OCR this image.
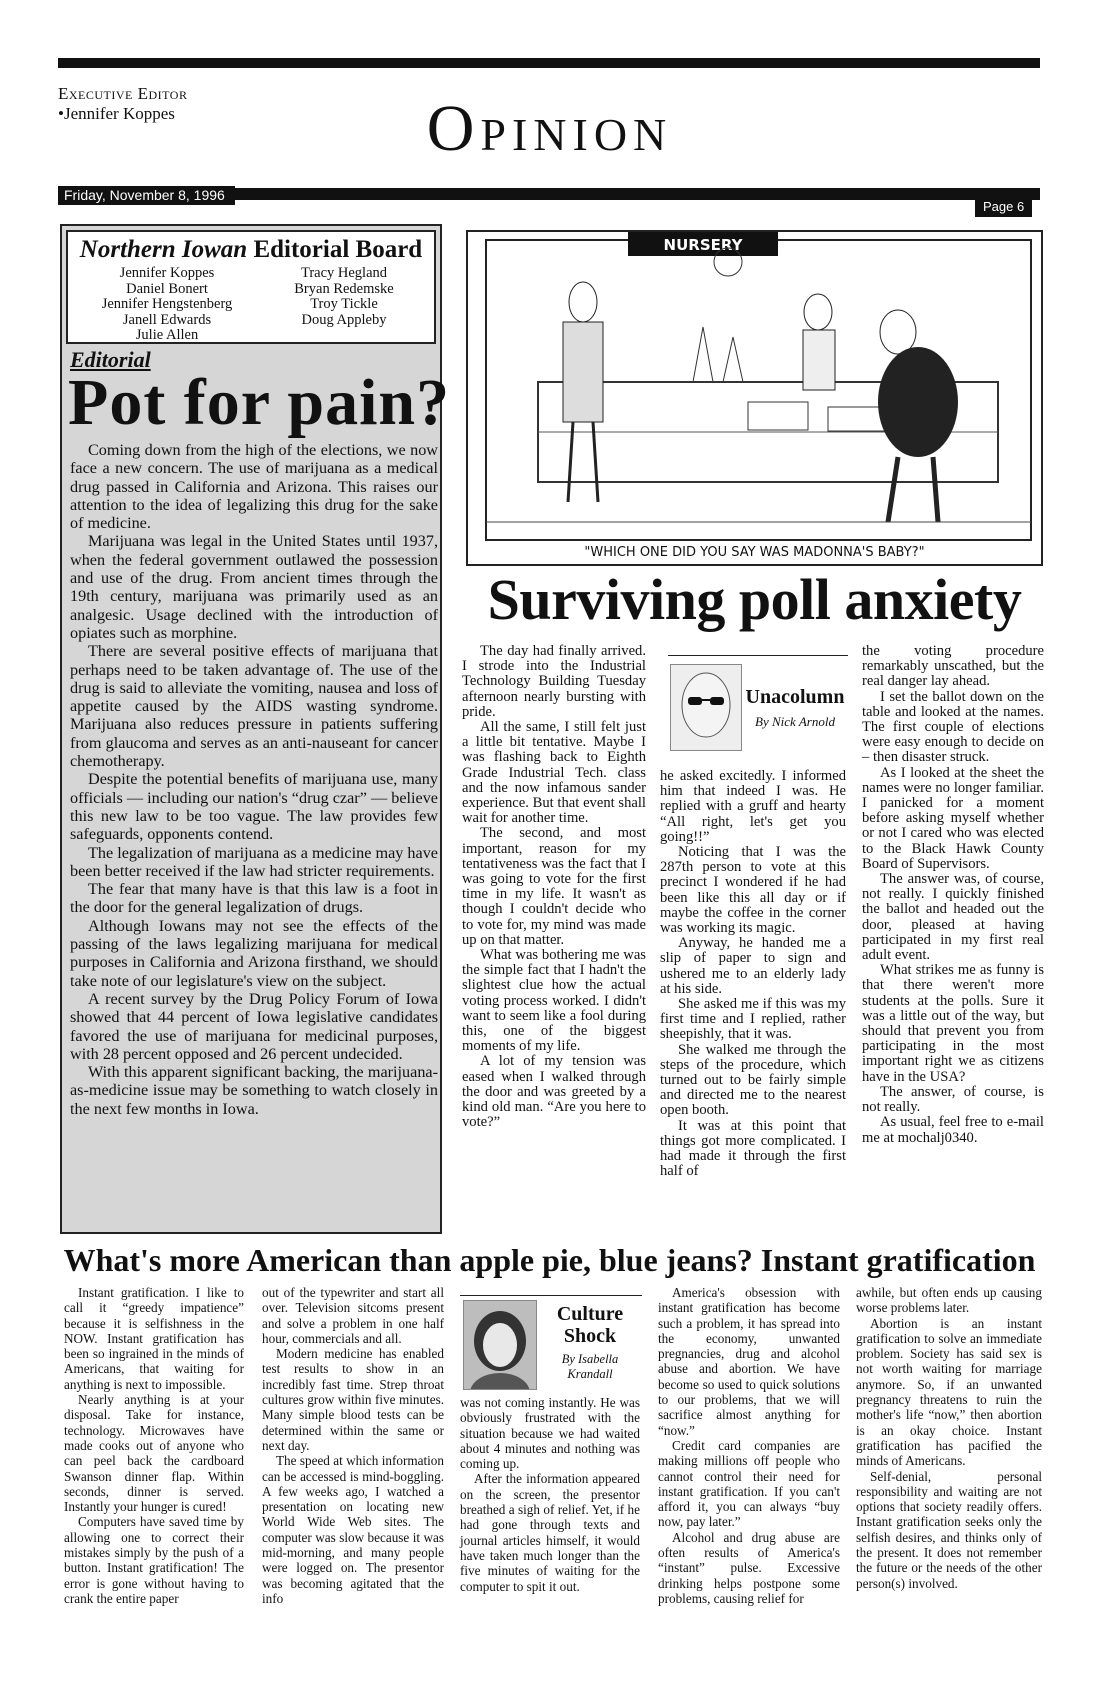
Executive Editor
•Jennifer Koppes	Opinion
Friday, November 8, 1996
Page 6
Northern Iowan Editorial Board
Jennifer Koppes
Daniel Bonert
Jennifer Hengstenberg
Janell Edwards
Julie Allen
Tracy Hegland
Bryan Redemske
Troy Tickle
Doug Appleby
Editorial
Pot for pain?

Coming down from the high of the elections, we now face a new concern. The use of marijuana as a medical drug passed in California and Arizona. This raises our attention to the idea of legalizing this drug for the sake of medicine.

Marijuana was legal in the United States until 1937, when the federal government outlawed the possession and use of the drug. From ancient times through the 19th century, marijuana was primarily used as an analgesic. Usage declined with the introduction of opiates such as morphine.

There are several positive effects of marijuana that perhaps need to be taken advantage of. The use of the drug is said to alleviate the vomiting, nausea and loss of appetite caused by the AIDS wasting syndrome. Marijuana also reduces pressure in patients suffering from glaucoma and serves as an anti-nauseant for cancer chemotherapy.

Despite the potential benefits of marijuana use, many officials — including our nation's “drug czar” — believe this new law to be too vague. The law provides few safeguards, opponents contend.

The legalization of marijuana as a medicine may have been better received if the law had stricter requirements.

The fear that many have is that this law is a foot in the door for the general legalization of drugs.

Although Iowans may not see the effects of the passing of the laws legalizing marijuana for medical purposes in California and Arizona firsthand, we should take note of our legislature's view on the subject.

A recent survey by the Drug Policy Forum of Iowa showed that 44 percent of Iowa legislative candidates favored the use of marijuana for medicinal purposes, with 28 percent opposed and 26 percent undecided.

With this apparent significant backing, the marijuana-as-medicine issue may be something to watch closely in the next few months in Iowa.

NURSERY
"WHICH ONE DID YOU SAY WAS MADONNA'S BABY?"
Surviving poll anxiety

The day had finally arrived. I strode into the Industrial Technology Building Tuesday afternoon nearly bursting with pride.

All the same, I still felt just a little bit tentative. Maybe I was flashing back to Eighth Grade Industrial Tech. class and the now infamous sander experience. But that event shall wait for another time.

The second, and most important, reason for my tentativeness was the fact that I was going to vote for the first time in my life. It wasn't as though I couldn't decide who to vote for, my mind was made up on that matter.

What was bothering me was the simple fact that I hadn't the slightest clue how the actual voting process worked. I didn't want to seem like a fool during this, one of the biggest moments of my life.

A lot of my tension was eased when I walked through the door and was greeted by a kind old man. “Are you here to vote?”

Unacolumn
By Nick Arnold

he asked excitedly. I informed him that indeed I was. He replied with a gruff and hearty “All right, let's get you going!!”

Noticing that I was the 287th person to vote at this precinct I wondered if he had been like this all day or if maybe the coffee in the corner was working its magic.

Anyway, he handed me a slip of paper to sign and ushered me to an elderly lady at his side.

She asked me if this was my first time and I replied, rather sheepishly, that it was.

She walked me through the steps of the procedure, which turned out to be fairly simple and directed me to the nearest open booth.

It was at this point that things got more complicated. I had made it through the first half of

the voting procedure remarkably unscathed, but the real danger lay ahead.

I set the ballot down on the table and looked at the names. The first couple of elections were easy enough to decide on – then disaster struck.

As I looked at the sheet the names were no longer familiar. I panicked for a moment before asking myself whether or not I cared who was elected to the Black Hawk County Board of Supervisors.

The answer was, of course, not really. I quickly finished the ballot and headed out the door, pleased at having participated in my first real adult event.

What strikes me as funny is that there weren't more students at the polls. Sure it was a little out of the way, but should that prevent you from participating in the most important right we as citizens have in the USA?

The answer, of course, is not really.

As usual, feel free to e-mail me at mochalj0340.

What's more American than apple pie, blue jeans? Instant gratification

Instant gratification. I like to call it “greedy impatience” because it is selfishness in the NOW. Instant gratification has been so ingrained in the minds of Americans, that waiting for anything is next to impossible.

Nearly anything is at your disposal. Take for instance, technology. Microwaves have made cooks out of anyone who can peel back the cardboard Swanson dinner flap. Within seconds, dinner is served. Instantly your hunger is cured!

Computers have saved time by allowing one to correct their mistakes simply by the push of a button. Instant gratification! The error is gone without having to crank the entire paper

out of the typewriter and start all over. Television sitcoms present and solve a problem in one half hour, commercials and all.

Modern medicine has enabled test results to show in an incredibly fast time. Strep throat cultures grow within five minutes. Many simple blood tests can be determined within the same or next day.

The speed at which information can be accessed is mind-boggling. A few weeks ago, I watched a presentation on locating new World Wide Web sites. The computer was slow because it was mid-morning, and many people were logged on. The presentor was becoming agitated that the info

Culture
Shock
By Isabella Krandall

was not coming instantly. He was obviously frustrated with the situation because we had waited about 4 minutes and nothing was coming up.

After the information appeared on the screen, the presentor breathed a sigh of relief. Yet, if he had gone through texts and journal articles himself, it would have taken much longer than the five minutes of waiting for the computer to spit it out.

America's obsession with instant gratification has become such a problem, it has spread into the economy, unwanted pregnancies, drug and alcohol abuse and abortion. We have become so used to quick solutions to our problems, that we will sacrifice almost anything for “now.”

Credit card companies are making millions off people who cannot control their need for instant gratification. If you can't afford it, you can always “buy now, pay later.”

Alcohol and drug abuse are often results of America's “instant” pulse. Excessive drinking helps postpone some problems, causing relief for

awhile, but often ends up causing worse problems later.

Abortion is an instant gratification to solve an immediate problem. Society has said sex is not worth waiting for marriage anymore. So, if an unwanted pregnancy threatens to ruin the mother's life “now,” then abortion is an okay choice. Instant gratification has pacified the minds of Americans.

Self-denial, personal responsibility and waiting are not options that society readily offers. Instant gratification seeks only the selfish desires, and thinks only of the present. It does not remember the future or the needs of the other person(s) involved.
